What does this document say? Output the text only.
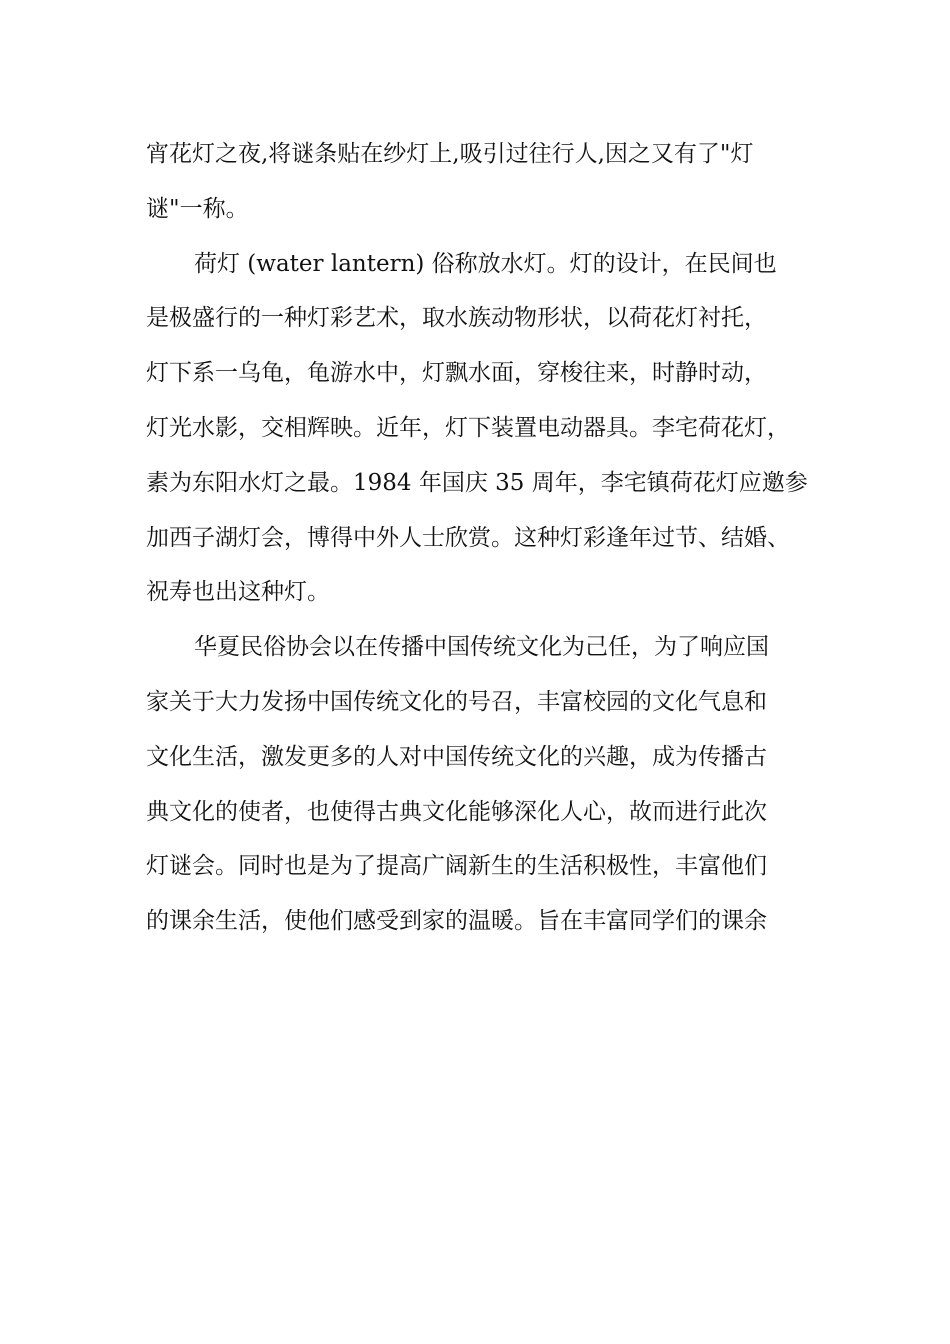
宵花灯之夜,将谜条贴在纱灯上,吸引过往行人,因之又有了"灯

谜"一称。

荷灯 (water lantern) 俗称放水灯。灯的设计，在民间也

是极盛行的一种灯彩艺术，取水族动物形状，以荷花灯衬托，

灯下系一乌龟，龟游水中，灯飘水面，穿梭往来，时静时动，

灯光水影，交相辉映。近年，灯下装置电动器具。李宅荷花灯，

素为东阳水灯之最。1984 年国庆 35 周年，李宅镇荷花灯应邀参

加西子湖灯会，博得中外人士欣赏。这种灯彩逢年过节、结婚、

祝寿也出这种灯。

华夏民俗协会以在传播中国传统文化为己任，为了响应国

家关于大力发扬中国传统文化的号召，丰富校园的文化气息和

文化生活，激发更多的人对中国传统文化的兴趣，成为传播古

典文化的使者，也使得古典文化能够深化人心，故而进行此次

灯谜会。同时也是为了提高广阔新生的生活积极性，丰富他们

的课余生活，使他们感受到家的温暖。旨在丰富同学们的课余
